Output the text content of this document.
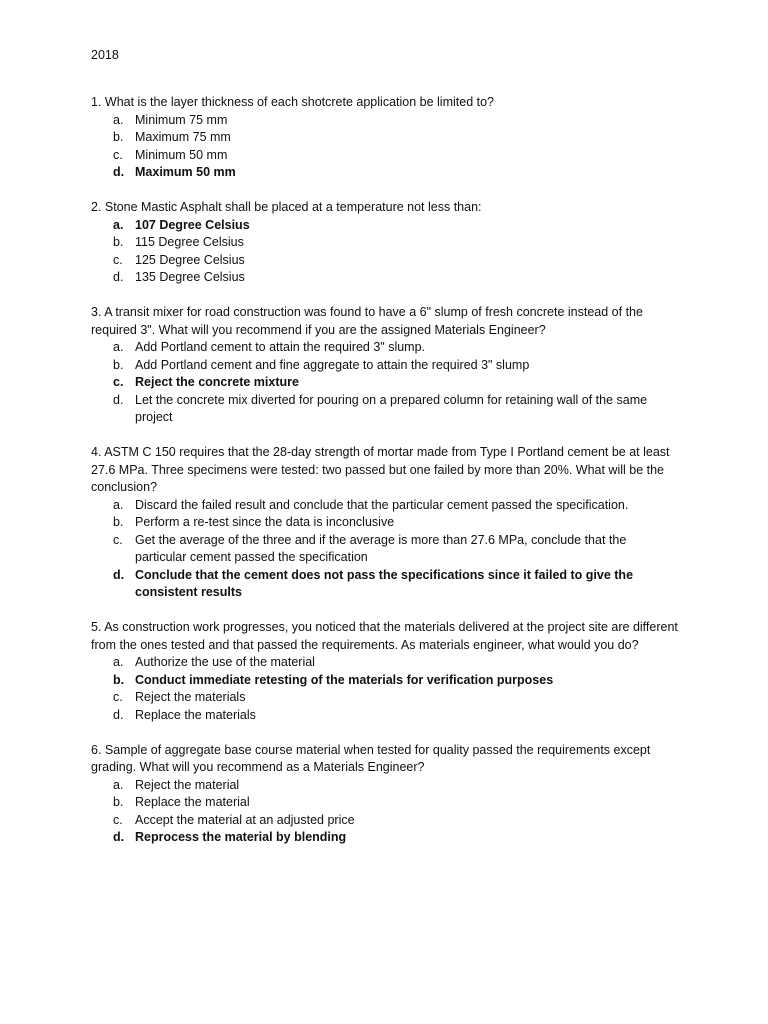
2018
1. What is the layer thickness of each shotcrete application be limited to?
a. Minimum 75 mm
b. Maximum 75 mm
c. Minimum 50 mm
d. Maximum 50 mm
2. Stone Mastic Asphalt shall be placed at a temperature not less than:
a. 107 Degree Celsius
b. 115 Degree Celsius
c. 125 Degree Celsius
d. 135 Degree Celsius
3. A transit mixer for road construction was found to have a 6" slump of fresh concrete instead of the required 3". What will you recommend if you are the assigned Materials Engineer?
a. Add Portland cement to attain the required 3" slump.
b. Add Portland cement and fine aggregate to attain the required 3" slump
c. Reject the concrete mixture
d. Let the concrete mix diverted for pouring on a prepared column for retaining wall of the same project
4. ASTM C 150 requires that the 28-day strength of mortar made from Type I Portland cement be at least 27.6 MPa. Three specimens were tested: two passed but one failed by more than 20%. What will be the conclusion?
a. Discard the failed result and conclude that the particular cement passed the specification.
b. Perform a re-test since the data is inconclusive
c. Get the average of the three and if the average is more than 27.6 MPa, conclude that the particular cement passed the specification
d. Conclude that the cement does not pass the specifications since it failed to give the consistent results
5. As construction work progresses, you noticed that the materials delivered at the project site are different from the ones tested and that passed the requirements. As materials engineer, what would you do?
a. Authorize the use of the material
b. Conduct immediate retesting of the materials for verification purposes
c. Reject the materials
d. Replace the materials
6. Sample of aggregate base course material when tested for quality passed the requirements except grading. What will you recommend as a Materials Engineer?
a. Reject the material
b. Replace the material
c. Accept the material at an adjusted price
d. Reprocess the material by blending
